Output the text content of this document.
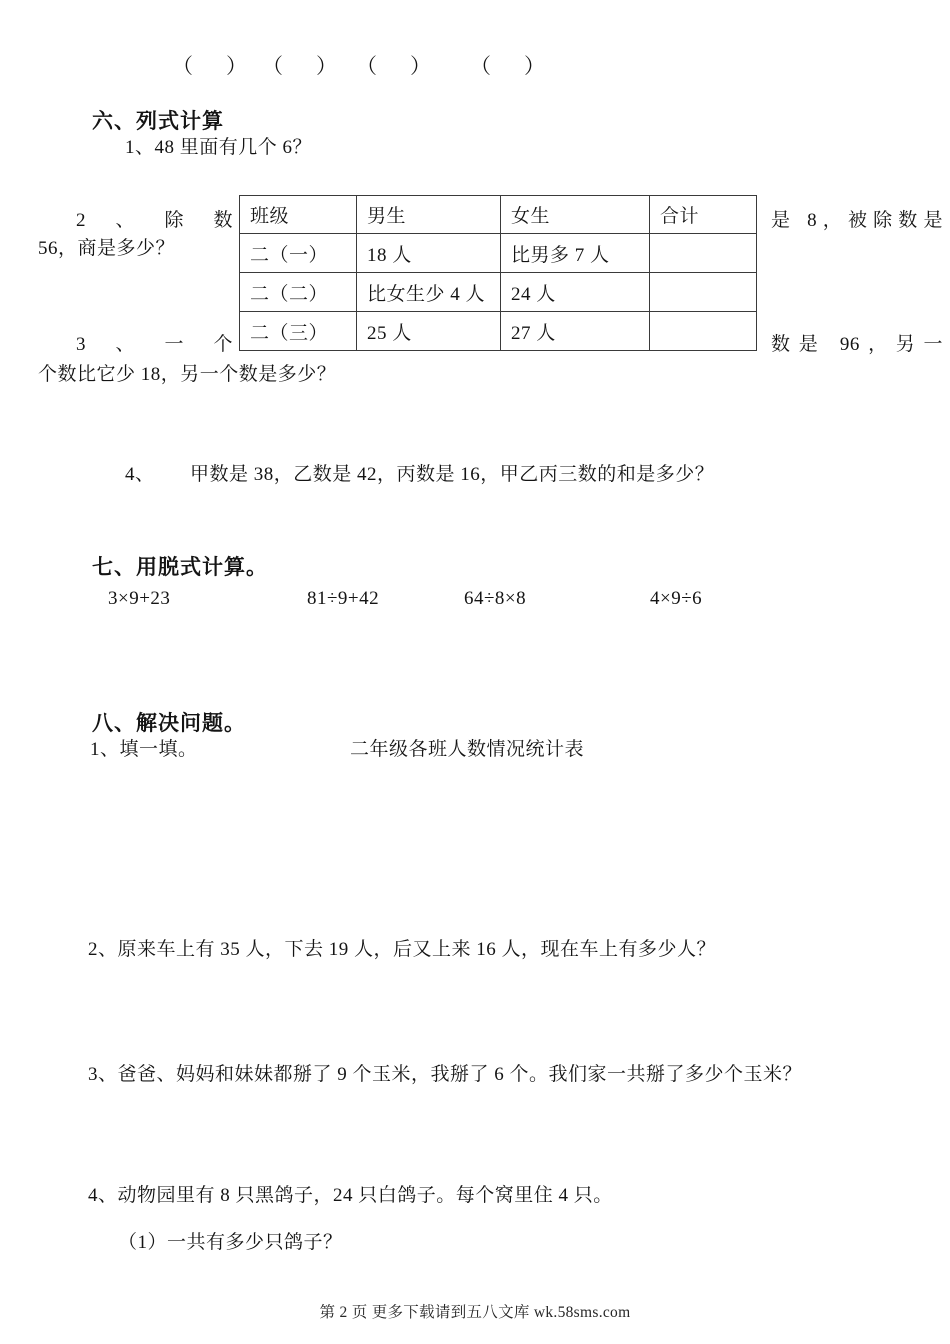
（　） （　） （　） （　）
六、列式计算
1、48 里面有几个 6？
班级	男生	女生	合计
二（一）	18 人	比男多 7 人	
二（二）	比女生少 4 人	24 人	
二（三）	25 人	27 人	
2、除数	是 8，被除数是
56，商是多少？
3、一个	数是 96，另一
个数比它少 18，另一个数是多少？
4、 甲数是 38，乙数是 42，丙数是 16，甲乙丙三数的和是多少？
七、用脱式计算。
3×9+23	81÷9+42	64÷8×8	4×9÷6
八、解决问题。
1、填一填。	二年级各班人数情况统计表
2、原来车上有 35 人，下去 19 人，后又上来 16 人，现在车上有多少人？
3、爸爸、妈妈和妹妹都掰了 9 个玉米，我掰了 6 个。我们家一共掰了多少个玉米？
4、动物园里有 8 只黑鸽子，24 只白鸽子。每个窝里住 4 只。
（1）一共有多少只鸽子？
第 2 页 更多下载请到五八文库 wk.58sms.com
